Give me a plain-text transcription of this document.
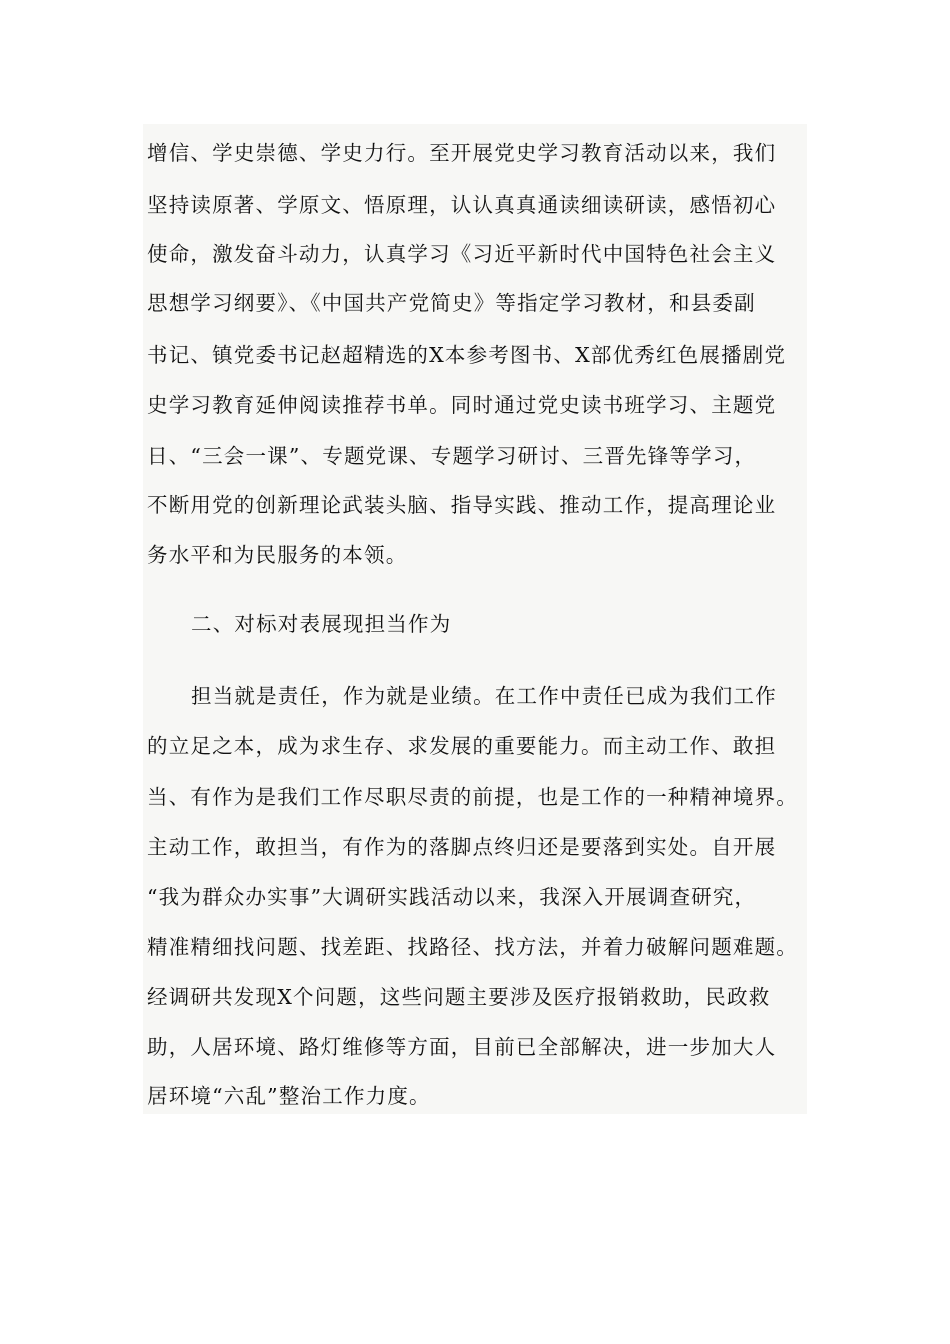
增信、学史崇德、学史力行。至开展党史学习教育活动以来，我们
坚持读原著、学原文、悟原理，认认真真通读细读研读，感悟初心
使命，激发奋斗动力，认真学习《习近平新时代中国特色社会主义
思想学习纲要》、《中国共产党简史》等指定学习教材，和县委副
书记、镇党委书记赵超精选的X本参考图书、X部优秀红色展播剧党
史学习教育延伸阅读推荐书单。同时通过党史读书班学习、主题党
日、“三会一课”、专题党课、专题学习研讨、三晋先锋等学习，
不断用党的创新理论武装头脑、指导实践、推动工作，提高理论业
务水平和为民服务的本领。
二、对标对表展现担当作为
担当就是责任，作为就是业绩。在工作中责任已成为我们工作
的立足之本，成为求生存、求发展的重要能力。而主动工作、敢担
当、有作为是我们工作尽职尽责的前提，也是工作的一种精神境界。
主动工作，敢担当，有作为的落脚点终归还是要落到实处。自开展
“我为群众办实事”大调研实践活动以来，我深入开展调查研究，
精准精细找问题、找差距、找路径、找方法，并着力破解问题难题。
经调研共发现X个问题，这些问题主要涉及医疗报销救助，民政救
助，人居环境、路灯维修等方面，目前已全部解决，进一步加大人
居环境“六乱”整治工作力度。
